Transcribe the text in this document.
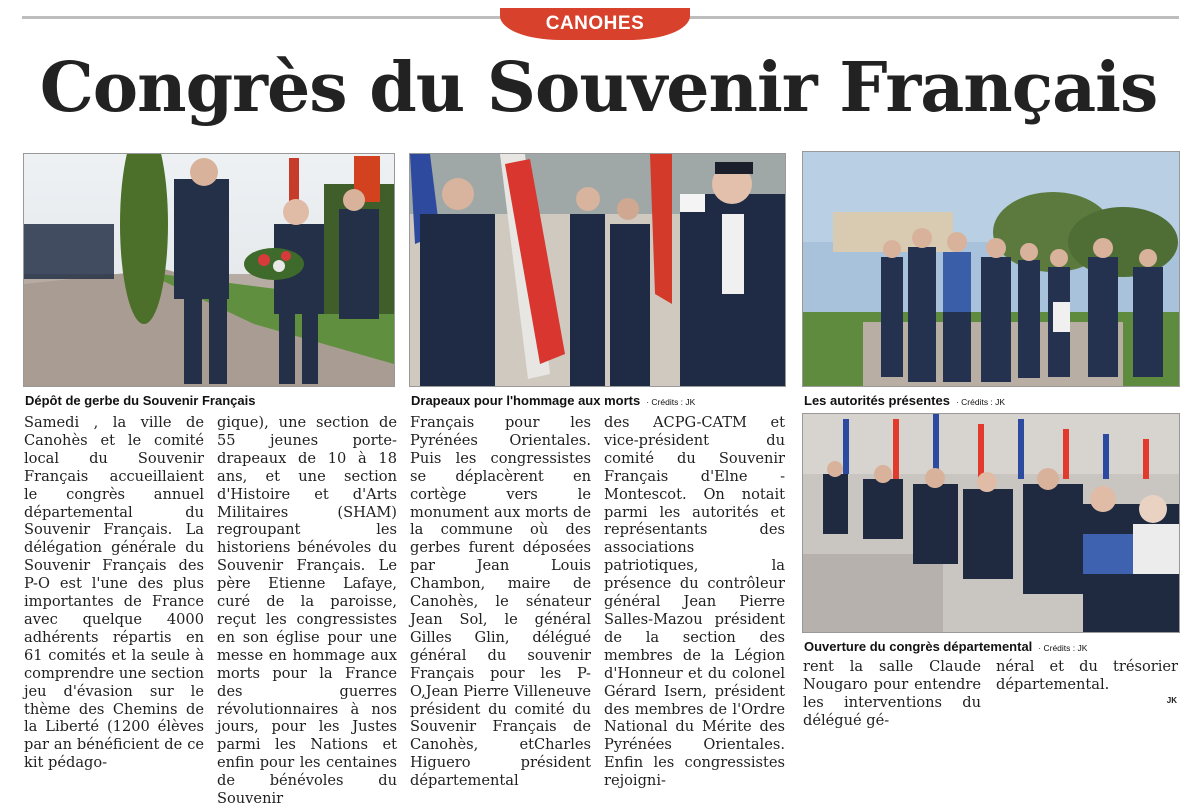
CANOHES
Congrès du Souvenir Français
Dépôt de gerbe du Souvenir Français	Drapeaux pour l'hommage aux morts · Crédits : JK	Les autorités présentes · Crédits : JK
Ouverture du congrès départemental · Crédits : JK

Samedi , la ville de Canohès et le comité local du Souvenir Français accueillaient le congrès annuel départemental du Souvenir Français. La délégation générale du Souvenir Français des P-O est l'une des plus importantes de France avec quelque 4000 adhérents répartis en 61 comités et la seule à comprendre une section jeu d'évasion sur le thème des Chemins de la Liberté (1200 élèves par an bénéficient de ce kit pédago-

gique), une section de 55 jeunes porte-drapeaux de 10 à 18 ans, et une section d'Histoire et d'Arts Militaires (SHAM) regroupant les historiens bénévoles du Souvenir Français. Le père Etienne Lafaye, curé de la paroisse, reçut les congressistes en son église pour une messe en hommage aux morts pour la France des guerres révolutionnaires à nos jours, pour les Justes parmi les Nations et enfin pour les centaines de bénévoles du Souvenir

Français pour les Pyrénées Orientales. Puis les congressistes se déplacèrent en cortège vers le monument aux morts de la commune où des gerbes furent déposées par Jean Louis Chambon, maire de Canohès, le sénateur Jean Sol, le général Gilles Glin, délégué général du souvenir Français pour les P-O,Jean Pierre Villeneuve président du comité du Souvenir Français de Canohès, etCharles Higuero président départemental

des ACPG-CATM et vice-président du comité du Souvenir Français d'Elne - Montescot. On notait parmi les autorités et représentants des associations patriotiques, la présence du contrôleur général Jean Pierre Salles-Mazou président de la section des membres de la Légion d'Honneur et du colonel Gérard Isern, président des membres de l'Ordre National du Mérite des Pyrénées Orientales. Enfin les congressistes rejoigni-

rent la salle Claude Nougaro pour entendre les interventions du délégué gé-

néral et du trésorier départemental.

JK
